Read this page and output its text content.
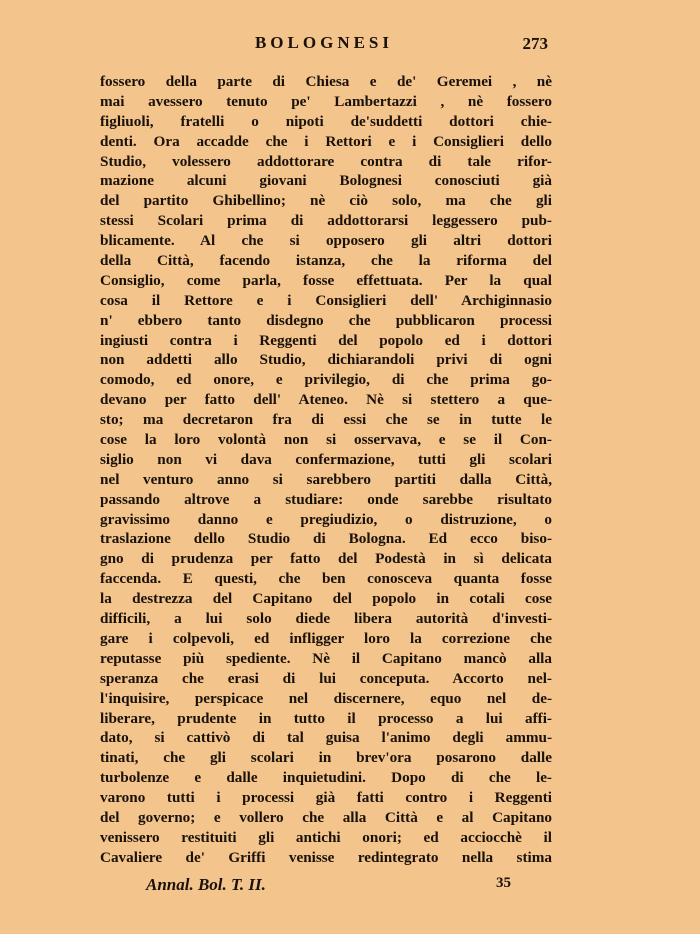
BOLOGNESI	273
fossero della parte di Chiesa e de' Geremei , nè
mai avessero tenuto pe' Lambertazzi , nè fossero
figliuoli, fratelli o nipoti de'suddetti dottori chie-
denti. Ora accadde che i Rettori e i Consiglieri dello
Studio, volessero addottorare contra di tale rifor-
mazione alcuni giovani Bolognesi conosciuti già
del partito Ghibellino; nè ciò solo, ma che gli
stessi Scolari prima di addottorarsi leggessero pub-
blicamente. Al che si opposero gli altri dottori
della Città, facendo istanza, che la riforma del
Consiglio, come parla, fosse effettuata. Per la qual
cosa il Rettore e i Consiglieri dell' Archiginnasio
n' ebbero tanto disdegno che pubblicaron processi
ingiusti contra i Reggenti del popolo ed i dottori
non addetti allo Studio, dichiarandoli privi di ogni
comodo, ed onore, e privilegio, di che prima go-
devano per fatto dell' Ateneo. Nè si stettero a que-
sto; ma decretaron fra di essi che se in tutte le
cose la loro volontà non si osservava, e se il Con-
siglio non vi dava confermazione, tutti gli scolari
nel venturo anno si sarebbero partiti dalla Città,
passando altrove a studiare: onde sarebbe risultato
gravissimo danno e pregiudizio, o distruzione, o
traslazione dello Studio di Bologna. Ed ecco biso-
gno di prudenza per fatto del Podestà in sì delicata
faccenda. E questi, che ben conosceva quanta fosse
la destrezza del Capitano del popolo in cotali cose
difficili, a lui solo diede libera autorità d'investi-
gare i colpevoli, ed infligger loro la correzione che
reputasse più spediente. Nè il Capitano mancò alla
speranza che erasi di lui conceputa. Accorto nel-
l'inquisire, perspicace nel discernere, equo nel de-
liberare, prudente in tutto il processo a lui affi-
dato, si cattivò di tal guisa l'animo degli ammu-
tinati, che gli scolari in brev'ora posarono dalle
turbolenze e dalle inquietudini. Dopo di che le-
varono tutti i processi già fatti contro i Reggenti
del governo; e vollero che alla Città e al Capitano
venissero restituiti gli antichi onori; ed acciocchè il
Cavaliere de' Griffi venisse redintegrato nella stima
Annal. Bol. T. II.	35
